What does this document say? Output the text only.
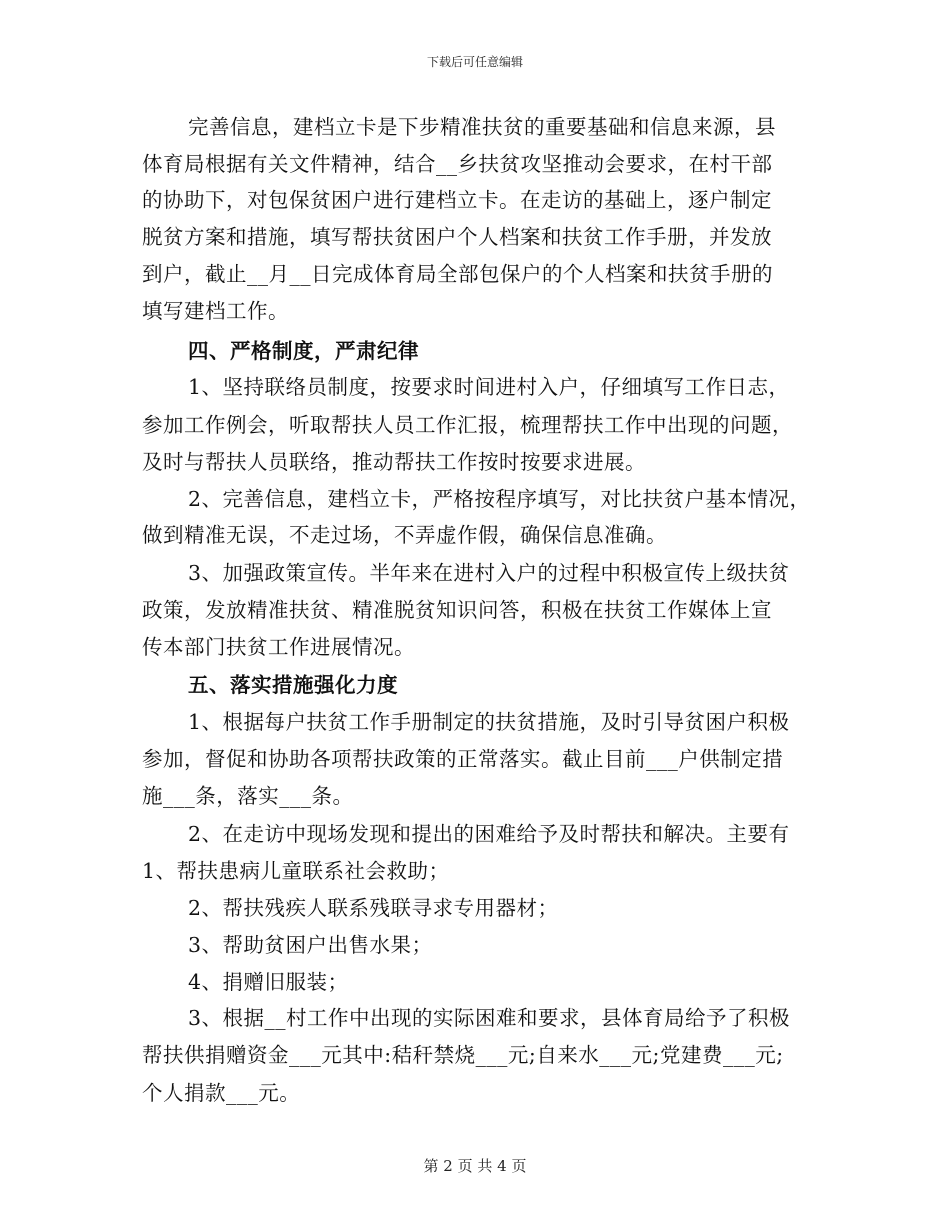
下载后可任意编辑
完善信息，建档立卡是下步精准扶贫的重要基础和信息来源，县
体育局根据有关文件精神，结合__乡扶贫攻坚推动会要求，在村干部
的协助下，对包保贫困户进行建档立卡。在走访的基础上，逐户制定
脱贫方案和措施，填写帮扶贫困户个人档案和扶贫工作手册，并发放
到户，截止__月__日完成体育局全部包保户的个人档案和扶贫手册的
填写建档工作。
四、严格制度，严肃纪律
1、坚持联络员制度，按要求时间进村入户，仔细填写工作日志，
参加工作例会，听取帮扶人员工作汇报，梳理帮扶工作中出现的问题，
及时与帮扶人员联络，推动帮扶工作按时按要求进展。
2、完善信息，建档立卡，严格按程序填写，对比扶贫户基本情况，
做到精准无误，不走过场，不弄虚作假，确保信息准确。
3、加强政策宣传。半年来在进村入户的过程中积极宣传上级扶贫
政策，发放精准扶贫、精准脱贫知识问答，积极在扶贫工作媒体上宣
传本部门扶贫工作进展情况。
五、落实措施强化力度
1、根据每户扶贫工作手册制定的扶贫措施，及时引导贫困户积极
参加，督促和协助各项帮扶政策的正常落实。截止目前___户供制定措
施___条，落实___条。
2、在走访中现场发现和提出的困难给予及时帮扶和解决。主要有
1、帮扶患病儿童联系社会救助；
2、帮扶残疾人联系残联寻求专用器材；
3、帮助贫困户出售水果；
4、捐赠旧服装；
3、根据__村工作中出现的实际困难和要求，县体育局给予了积极
帮扶供捐赠资金___元其中:秸秆禁烧___元;自来水___元;党建费___元;
个人捐款___元。
第 2 页 共 4 页
